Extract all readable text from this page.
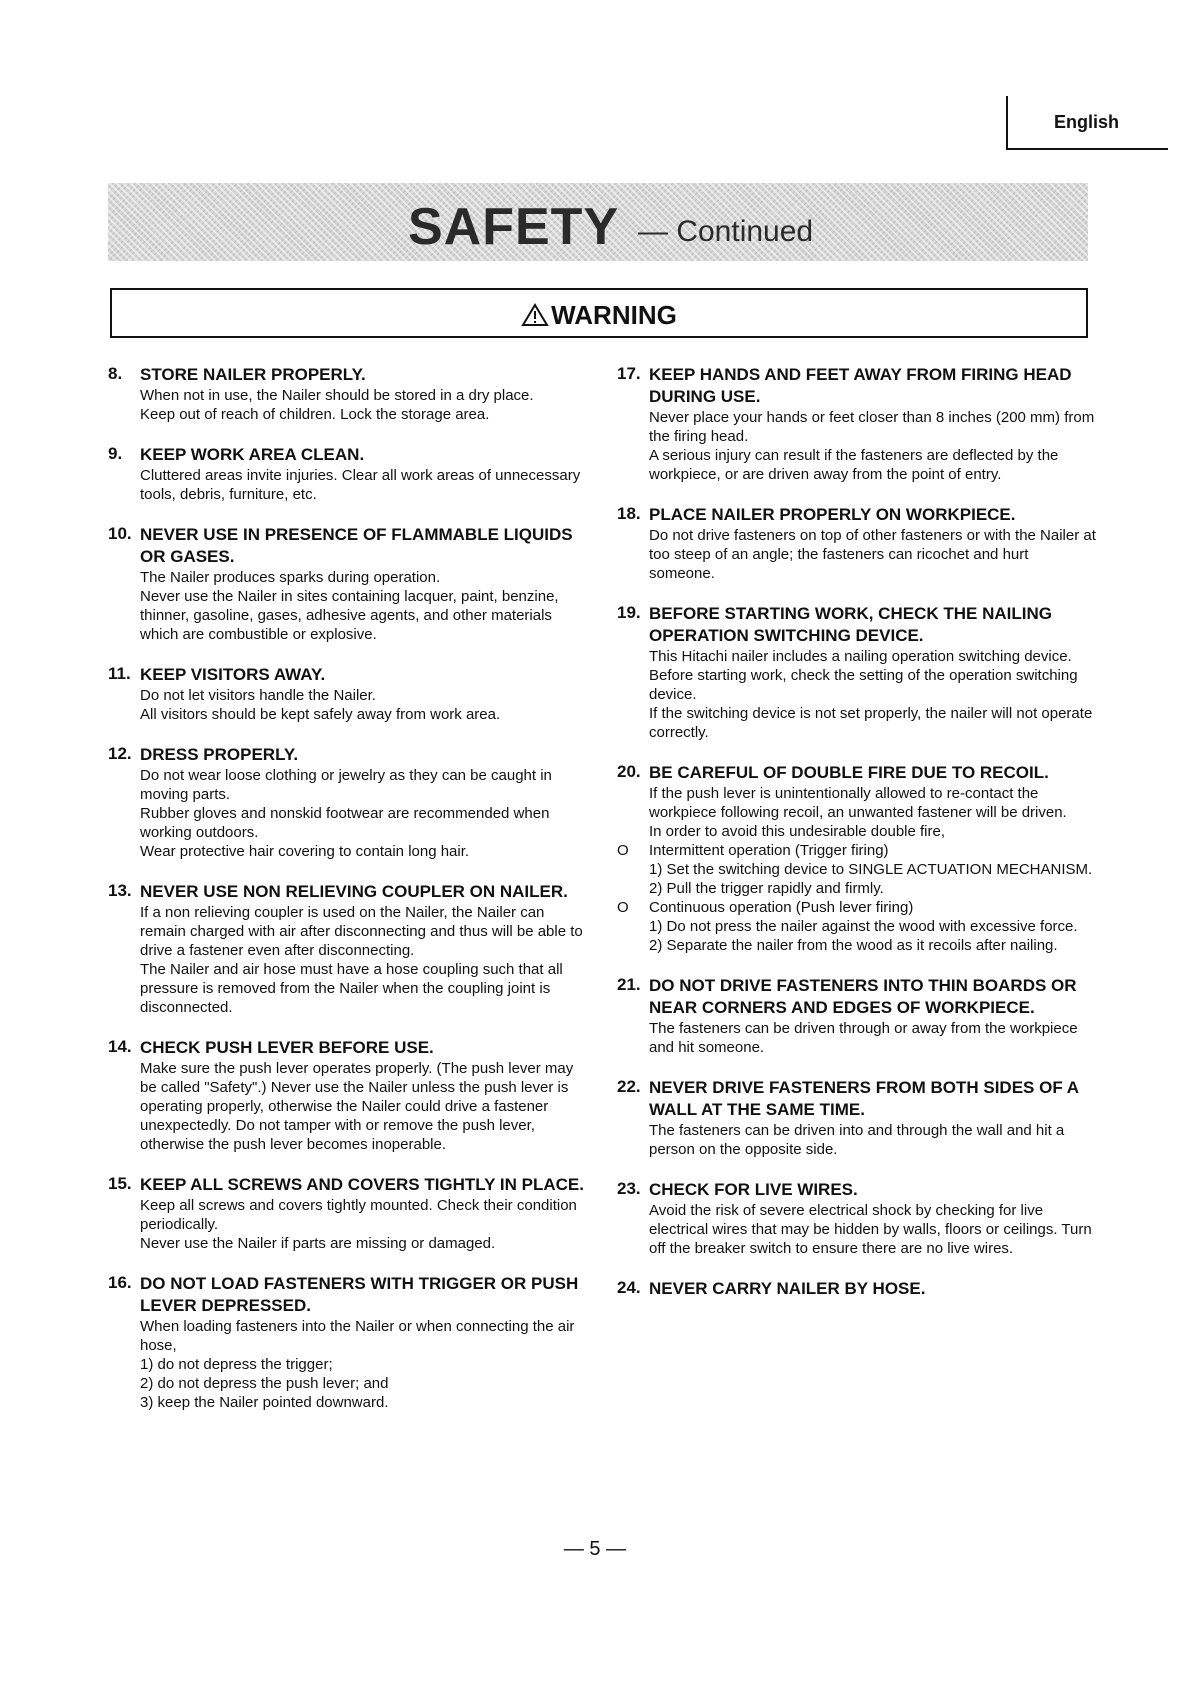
English
SAFETY — Continued
WARNING
8. STORE NAILER PROPERLY.

When not in use, the Nailer should be stored in a dry place.

Keep out of reach of children. Lock the storage area.

9. KEEP WORK AREA CLEAN.

Cluttered areas invite injuries. Clear all work areas of unnecessary tools, debris, furniture, etc.

10. NEVER USE IN PRESENCE OF FLAMMABLE LIQUIDS OR GASES.

The Nailer produces sparks during operation.

Never use the Nailer in sites containing lacquer, paint, benzine, thinner, gasoline, gases, adhesive agents, and other materials which are combustible or explosive.

11. KEEP VISITORS AWAY.

Do not let visitors handle the Nailer.

All visitors should be kept safely away from work area.

12. DRESS PROPERLY.

Do not wear loose clothing or jewelry as they can be caught in moving parts.

Rubber gloves and nonskid footwear are recommended when working outdoors.

Wear protective hair covering to contain long hair.

13. NEVER USE NON RELIEVING COUPLER ON NAILER.

If a non relieving coupler is used on the Nailer, the Nailer can remain charged with air after disconnecting and thus will be able to drive a fastener even after disconnecting.

The Nailer and air hose must have a hose coupling such that all pressure is removed from the Nailer when the coupling joint is disconnected.

14. CHECK PUSH LEVER BEFORE USE.

Make sure the push lever operates properly. (The push lever may be called "Safety".) Never use the Nailer unless the push lever is operating properly, otherwise the Nailer could drive a fastener unexpectedly. Do not tamper with or remove the push lever, otherwise the push lever becomes inoperable.

15. KEEP ALL SCREWS AND COVERS TIGHTLY IN PLACE.

Keep all screws and covers tightly mounted. Check their condition periodically.

Never use the Nailer if parts are missing or damaged.

16. DO NOT LOAD FASTENERS WITH TRIGGER OR PUSH LEVER DEPRESSED.

When loading fasteners into the Nailer or when connecting the air hose,

1) do not depress the trigger;

2) do not depress the push lever; and

3) keep the Nailer pointed downward.

17. KEEP HANDS AND FEET AWAY FROM FIRING HEAD DURING USE.

Never place your hands or feet closer than 8 inches (200 mm) from the firing head.

A serious injury can result if the fasteners are deflected by the workpiece, or are driven away from the point of entry.

18. PLACE NAILER PROPERLY ON WORKPIECE.

Do not drive fasteners on top of other fasteners or with the Nailer at too steep of an angle; the fasteners can ricochet and hurt someone.

19. BEFORE STARTING WORK, CHECK THE NAILING OPERATION SWITCHING DEVICE.

This Hitachi nailer includes a nailing operation switching device.

Before starting work, check the setting of the operation switching device.

If the switching device is not set properly, the nailer will not operate correctly.

20. BE CAREFUL OF DOUBLE FIRE DUE TO RECOIL.

If the push lever is unintentionally allowed to re-contact the workpiece following recoil, an unwanted fastener will be driven.

In order to avoid this undesirable double fire,

O Intermittent operation (Trigger firing)
1) Set the switching device to SINGLE ACTUATION MECHANISM.
2) Pull the trigger rapidly and firmly.
O Continuous operation (Push lever firing)
1) Do not press the nailer against the wood with excessive force.
2) Separate the nailer from the wood as it recoils after nailing.
21. DO NOT DRIVE FASTENERS INTO THIN BOARDS OR NEAR CORNERS AND EDGES OF WORKPIECE.

The fasteners can be driven through or away from the workpiece and hit someone.

22. NEVER DRIVE FASTENERS FROM BOTH SIDES OF A WALL AT THE SAME TIME.

The fasteners can be driven into and through the wall and hit a person on the opposite side.

23. CHECK FOR LIVE WIRES.

Avoid the risk of severe electrical shock by checking for live electrical wires that may be hidden by walls, floors or ceilings. Turn off the breaker switch to ensure there are no live wires.

24. NEVER CARRY NAILER BY HOSE.
— 5 —
